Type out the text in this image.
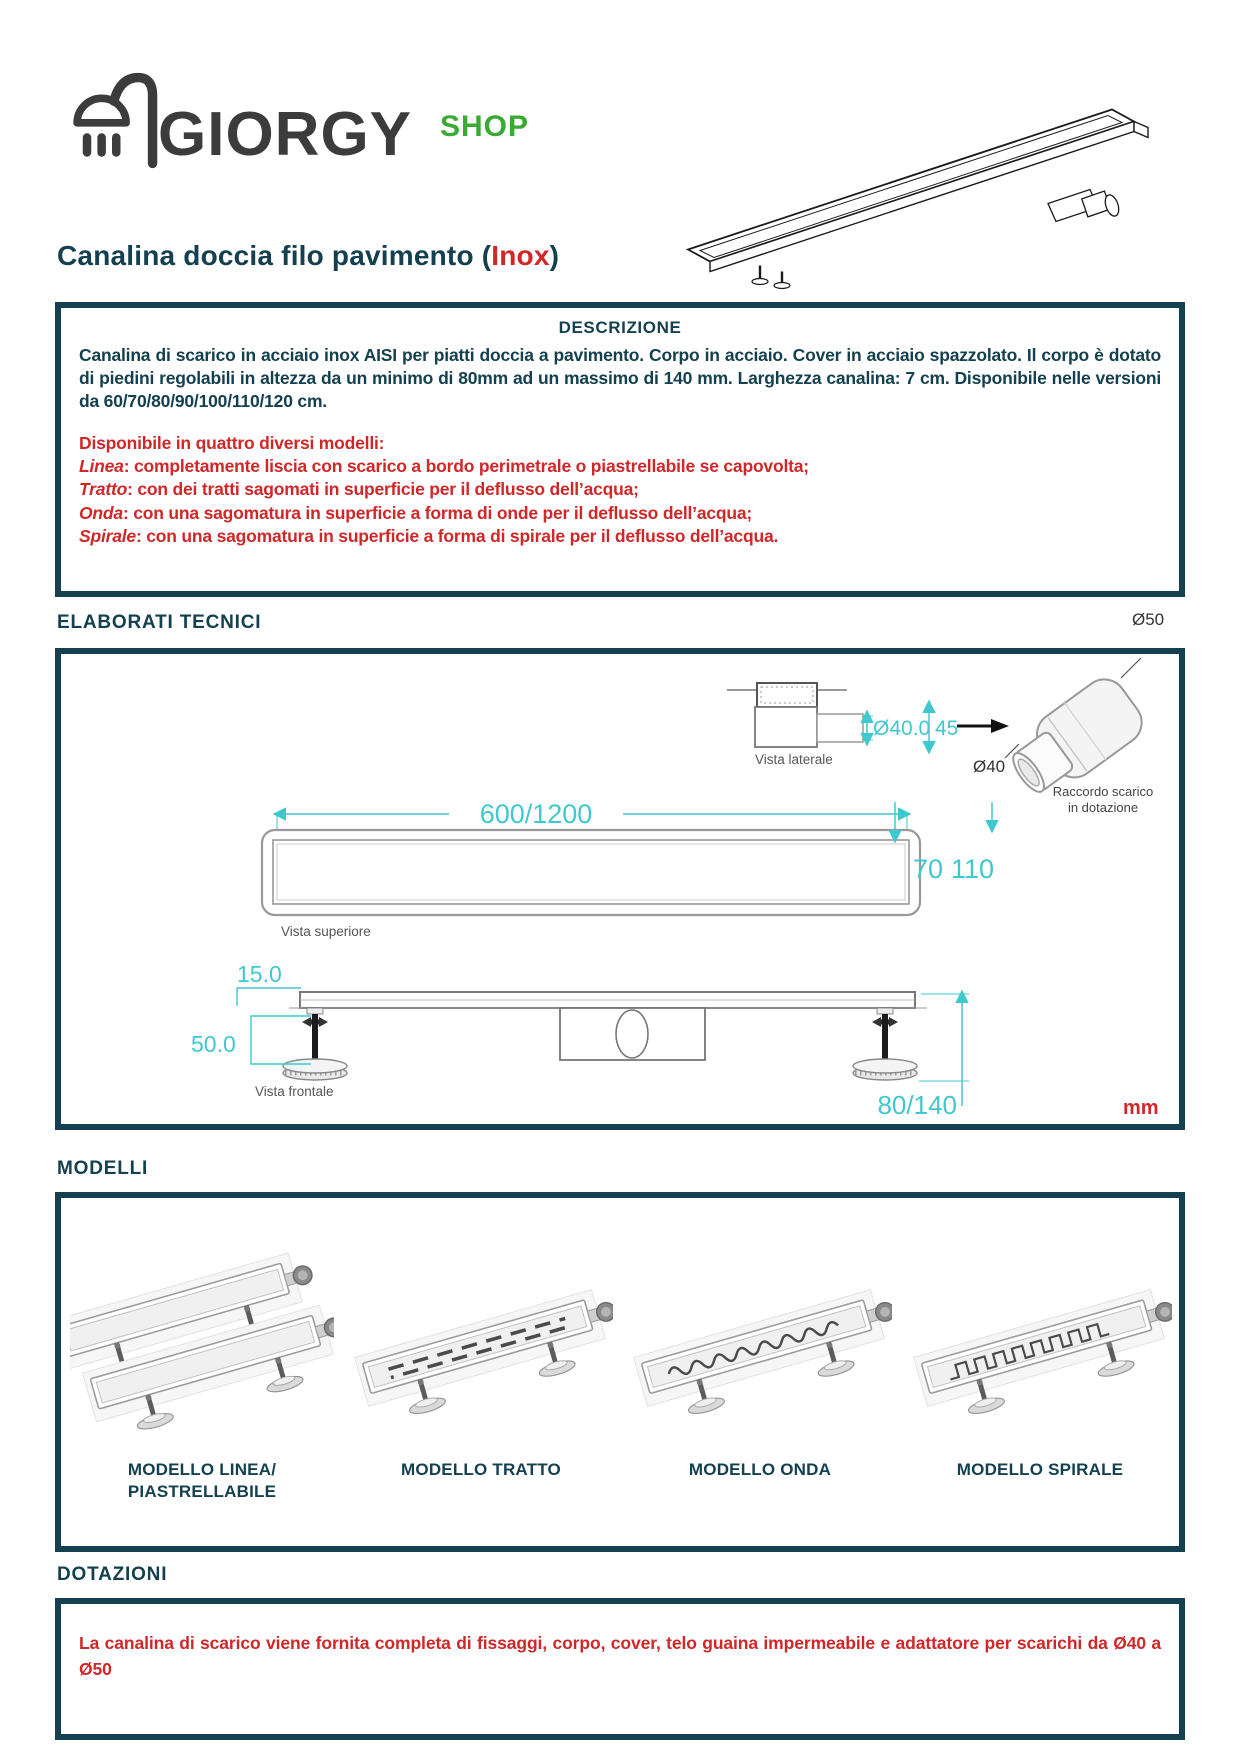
GIORGY SHOP
Canalina doccia filo pavimento (Inox)
DESCRIZIONE

Canalina di scarico in acciaio inox AISI per piatti doccia a pavimento. Corpo in acciaio. Cover in acciaio spazzolato. Il corpo è dotato di piedini regolabili in altezza da un minimo di 80mm ad un massimo di 140 mm. Larghezza canalina: 7 cm. Disponibile nelle versioni da 60/70/80/90/100/110/120 cm.

Disponibile in quattro diversi modelli:
Linea: completamente liscia con scarico a bordo perimetrale o piastrellabile se capovolta;
Tratto: con dei tratti sagomati in superficie per il deflusso dell’acqua;
Onda: con una sagomatura in superficie a forma di onde per il deflusso dell’acqua;
Spirale: con una sagomatura in superficie a forma di spirale per il deflusso dell’acqua.
ELABORATI TECNICI	Ø50
Ø40.0 45
Vista laterale	Ø40
Raccordo scarico
in dotazione
600/1200
70 110
Vista superiore
15.0
50.0
80/140
Vista frontale
mm
MODELLI
MODELLO LINEA/
PIASTRELLABILE
MODELLO TRATTO	MODELLO ONDA	MODELLO SPIRALE
DOTAZIONI

La canalina di scarico viene fornita completa di fissaggi, corpo, cover, telo guaina impermeabile e adattatore per scarichi da Ø40 a Ø50
